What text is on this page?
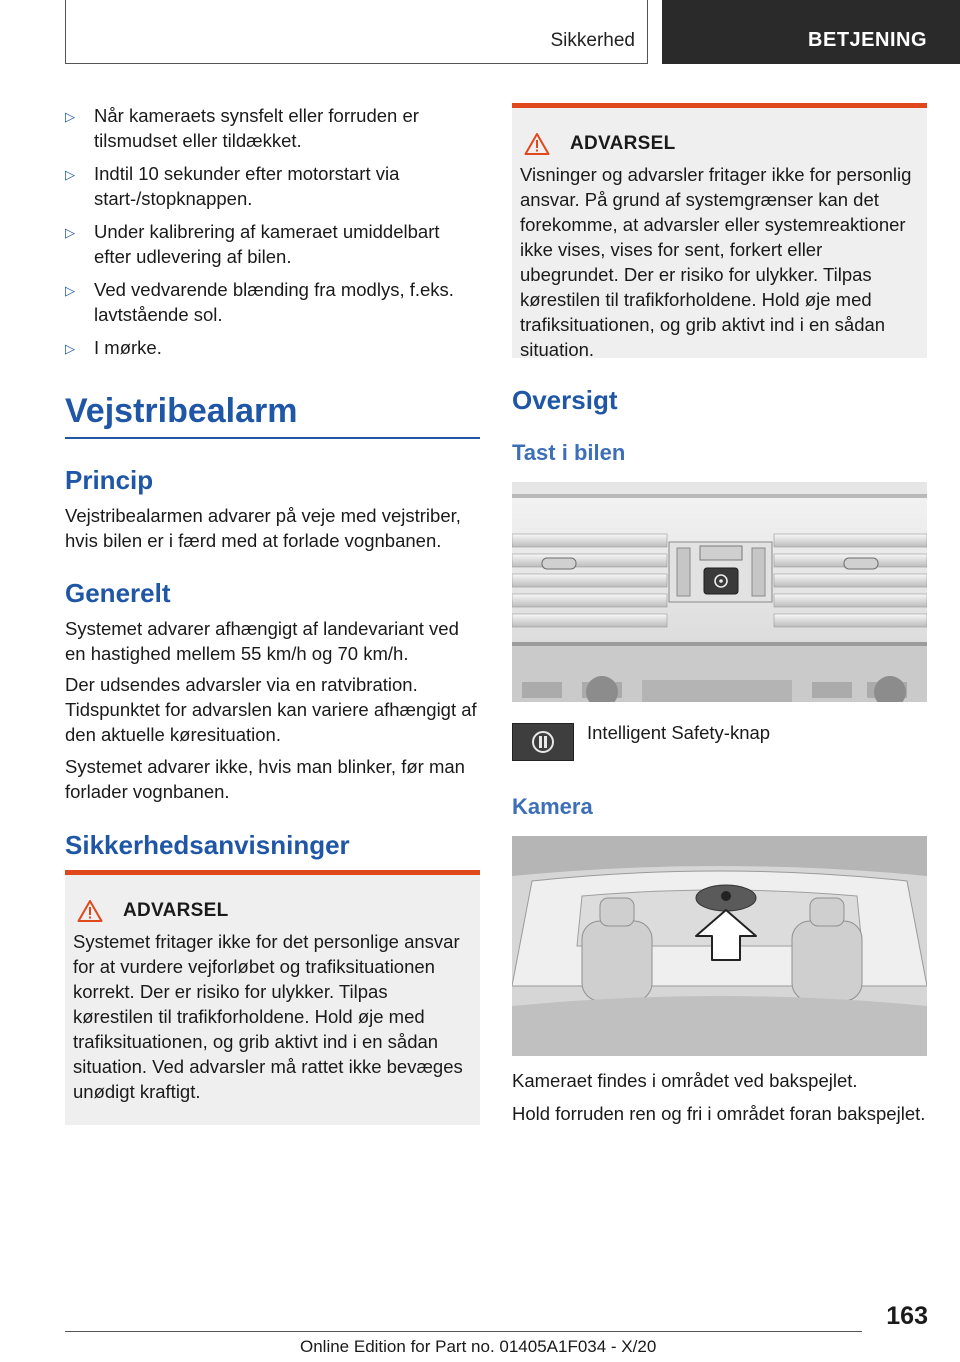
Sikkerhed	BETJENING
▷ Når kameraets synsfelt eller forruden er tilsmudset eller tildækket.
▷ Indtil 10 sekunder efter motorstart via start-/stopknappen.
▷ Under kalibrering af kameraet umiddelbart efter udlevering af bilen.
▷ Ved vedvarende blænding fra modlys, f.eks. lavtstående sol.
▷ I mørke.
Vejstribealarm
Princip

Vejstribealarmen advarer på veje med vejstriber, hvis bilen er i færd med at forlade vognbanen.

Generelt

Systemet advarer afhængigt af landevariant ved en hastighed mellem 55 km/h og 70 km/h.

Der udsendes advarsler via en ratvibration. Tidspunktet for advarslen kan variere afhængigt af den aktuelle køresituation.

Systemet advarer ikke, hvis man blinker, før man forlader vognbanen.

Sikkerhedsanvisninger
ADVARSEL

Systemet fritager ikke for det personlige ansvar for at vurdere vejforløbet og trafiksituationen korrekt. Der er risiko for ulykker. Tilpas kørestilen til trafikforholdene. Hold øje med trafiksituationen, og grib aktivt ind i en sådan situation. Ved advarsler må rattet ikke bevæges unødigt kraftigt.

ADVARSEL

Visninger og advarsler fritager ikke for personlig ansvar. På grund af systemgrænser kan det forekomme, at advarsler eller systemreaktioner ikke vises, vises for sent, forkert eller ubegrundet. Der er risiko for ulykker. Tilpas kørestilen til trafikforholdene. Hold øje med trafiksituationen, og grib aktivt ind i en sådan situation.

Oversigt
Tast i bilen

Intelligent Safety-knap

Kamera

Kameraet findes i området ved bakspejlet.

Hold forruden ren og fri i området foran bakspejlet.

163
Online Edition for Part no. 01405A1F034 - X/20
